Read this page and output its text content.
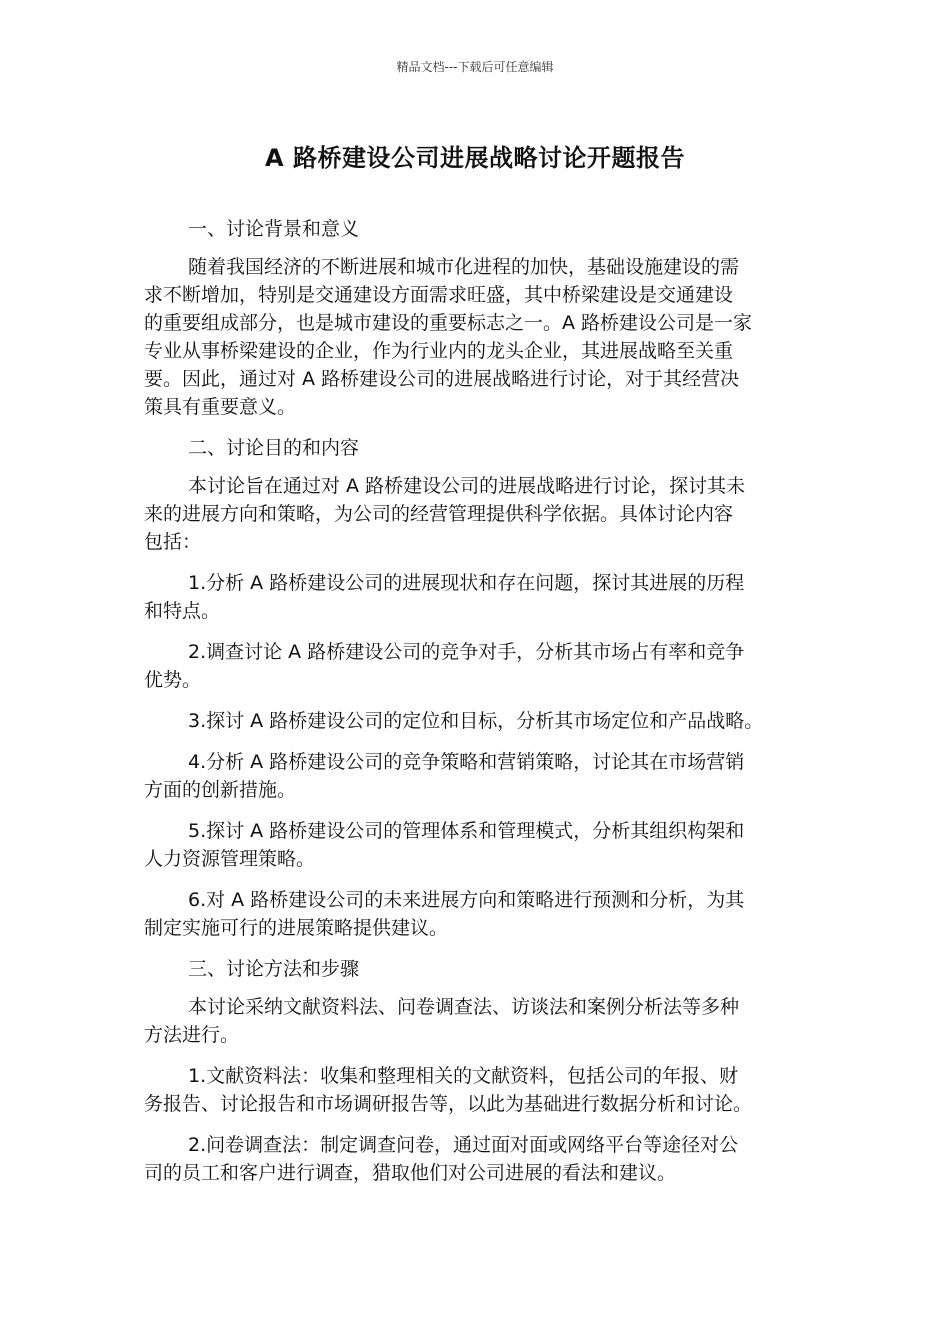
精品文档---下载后可任意编辑
A 路桥建设公司进展战略讨论开题报告

一、讨论背景和意义

随着我国经济的不断进展和城市化进程的加快，基础设施建设的需
求不断增加，特别是交通建设方面需求旺盛，其中桥梁建设是交通建设
的重要组成部分，也是城市建设的重要标志之一。A 路桥建设公司是一家
专业从事桥梁建设的企业，作为行业内的龙头企业，其进展战略至关重
要。因此，通过对 A 路桥建设公司的进展战略进行讨论，对于其经营决
策具有重要意义。

二、讨论目的和内容

本讨论旨在通过对 A 路桥建设公司的进展战略进行讨论，探讨其未
来的进展方向和策略，为公司的经营管理提供科学依据。具体讨论内容
包括：

1.分析 A 路桥建设公司的进展现状和存在问题，探讨其进展的历程
和特点。

2.调查讨论 A 路桥建设公司的竞争对手，分析其市场占有率和竞争
优势。

3.探讨 A 路桥建设公司的定位和目标，分析其市场定位和产品战略。

4.分析 A 路桥建设公司的竞争策略和营销策略，讨论其在市场营销
方面的创新措施。

5.探讨 A 路桥建设公司的管理体系和管理模式，分析其组织构架和
人力资源管理策略。

6.对 A 路桥建设公司的未来进展方向和策略进行预测和分析，为其
制定实施可行的进展策略提供建议。

三、讨论方法和步骤

本讨论采纳文献资料法、问卷调查法、访谈法和案例分析法等多种
方法进行。

1.文献资料法：收集和整理相关的文献资料，包括公司的年报、财
务报告、讨论报告和市场调研报告等，以此为基础进行数据分析和讨论。

2.问卷调查法：制定调查问卷，通过面对面或网络平台等途径对公
司的员工和客户进行调查，猎取他们对公司进展的看法和建议。
